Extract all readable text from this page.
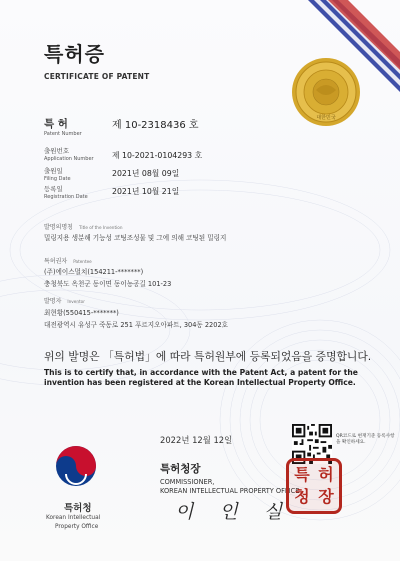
대한민국
특허증
CERTIFICATE OF PATENT
특 허
Patent Number
제 10-2318436 호
출원번호
Application Number 제 10-2021-0104293 호
출원일
Filing Date
2021년 08월 09일
등록일
Registration Date
2021년 10월 21일
발명의명칭 Title of the Invention
밀링지용 생분해 기능성 코팅조성물 및 그에 의해 코팅된 밀링지
특허권자 Patentee
(주)에이스멀치(154211-*******)
충청북도 옥천군 동이면 동이농공길 101-23
발명자 Inventor
최현황(550415-*******)
대전광역시 유성구 죽동로 251 푸르지오아파트, 304동 2202호
위의 발명은 「특허법」에 따라 특허원부에 등록되었음을 증명합니다.
This is to certify that, in accordance with the Patent Act, a patent for the invention has been registered at the Korean Intellectual Property Office.
특허청
Korean Intellectual
Property Office
2022년 12월 12일
특허청장
COMMISSIONER,
KOREAN INTELLECTUAL PROPERTY OFFICE
이 인 실
QR코드로 현재기준 등록사항을 확인하세요.
특 허
청 장
